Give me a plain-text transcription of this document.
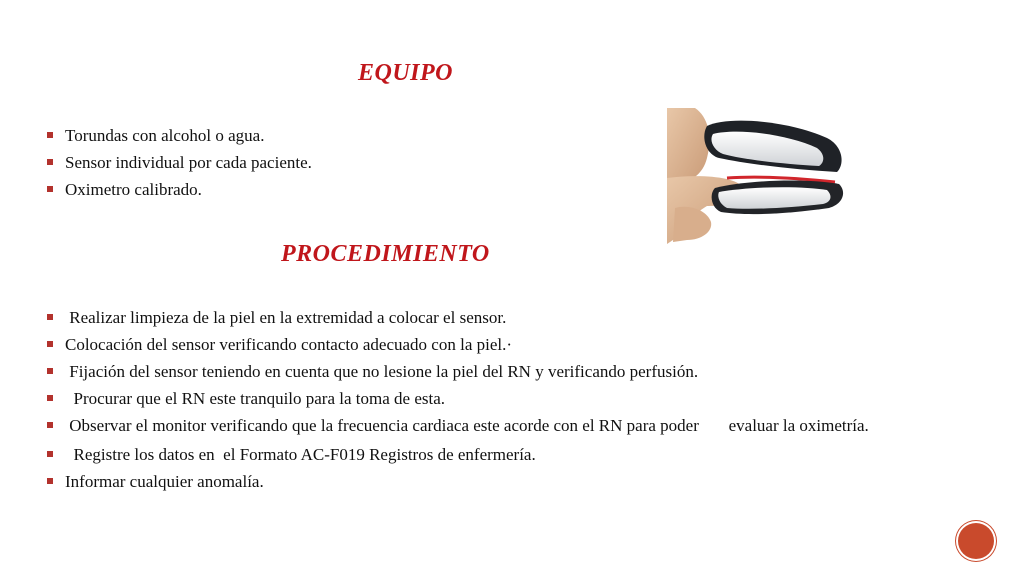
EQUIPO
Torundas con alcohol o agua.
Sensor individual por cada paciente.
Oximetro calibrado.
PROCEDIMIENTO
Realizar limpieza de la piel en la extremidad a colocar el sensor.
Colocación del sensor verificando contacto adecuado con la piel.·
Fijación del sensor teniendo en cuenta que no lesione la piel del RN y verificando perfusión.
Procurar que el RN este tranquilo para la toma de esta.
Observar el monitor verificando que la frecuencia cardiaca este acorde con el RN para poder       evaluar la oximetría.
Registre los datos en  el Formato AC-F019 Registros de enfermería.
Informar cualquier anomalía.
